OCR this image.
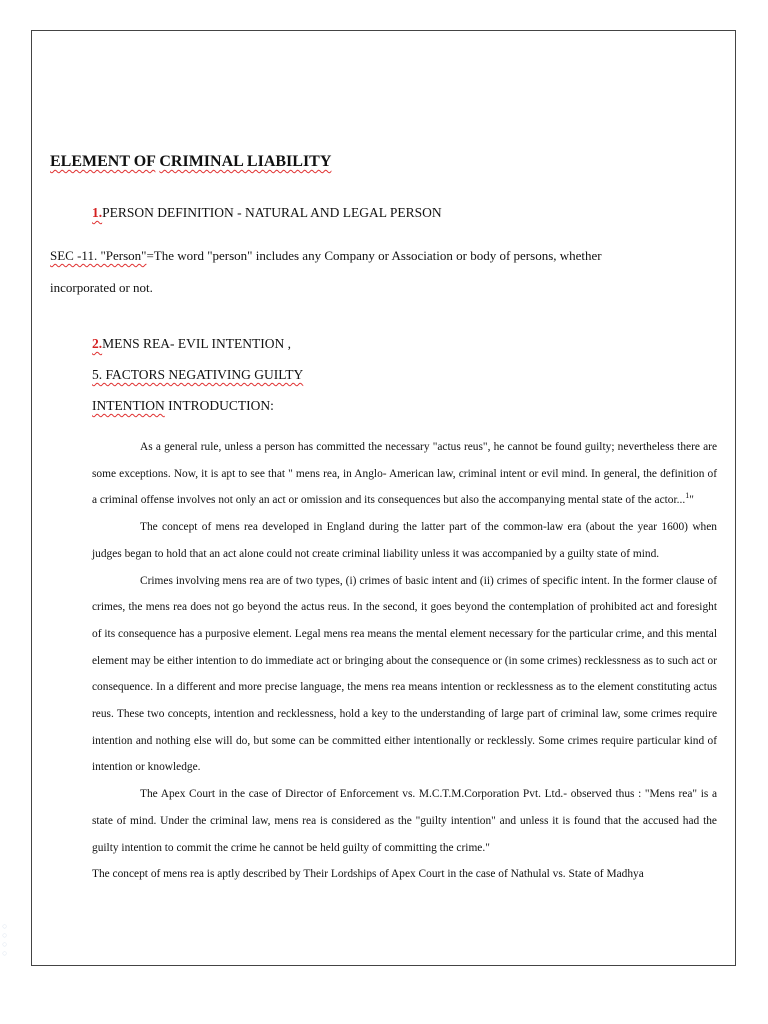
ELEMENT OF CRIMINAL LIABILITY
1.PERSON DEFINITION - NATURAL AND LEGAL PERSON
SEC -11. "Person"=The word "person" includes any Company or Association or body of persons, whether
incorporated or not.
2.MENS REA- EVIL INTENTION ,
5. FACTORS NEGATIVING GUILTY
INTENTION INTRODUCTION:

As a general rule, unless a person has committed the necessary "actus reus", he cannot be found guilty; nevertheless there are some exceptions. Now, it is apt to see that " mens rea, in Anglo- American law, criminal intent or evil mind. In general, the definition of a criminal offense involves not only an act or omission and its consequences but also the accompanying mental state of the actor...$^1$"

The concept of mens rea developed in England during the latter part of the common-law era (about the year 1600) when judges began to hold that an act alone could not create criminal liability unless it was accompanied by a guilty state of mind.

Crimes involving mens rea are of two types, (i) crimes of basic intent and (ii) crimes of specific intent. In the former clause of crimes, the mens rea does not go beyond the actus reus. In the second, it goes beyond the contemplation of prohibited act and foresight of its consequence has a purposive element. Legal mens rea means the mental element necessary for the particular crime, and this mental element may be either intention to do immediate act or bringing about the consequence or (in some crimes) recklessness as to such act or consequence. In a different and more precise language, the mens rea means intention or recklessness as to the element constituting actus reus. These two concepts, intention and recklessness, hold a key to the understanding of large part of criminal law, some crimes require intention and nothing else will do, but some can be committed either intentionally or recklessly. Some crimes require particular kind of intention or knowledge.

The Apex Court in the case of Director of Enforcement vs. M.C.T.M.Corporation Pvt. Ltd.- observed thus : "Mens rea" is a state of mind. Under the criminal law, mens rea is considered as the "guilty intention" and unless it is found that the accused had the guilty intention to commit the crime he cannot be held guilty of committing the crime."

The concept of mens rea is aptly described by Their Lordships of Apex Court in the case of Nathulal vs. State of Madhya

○
○
○
○
